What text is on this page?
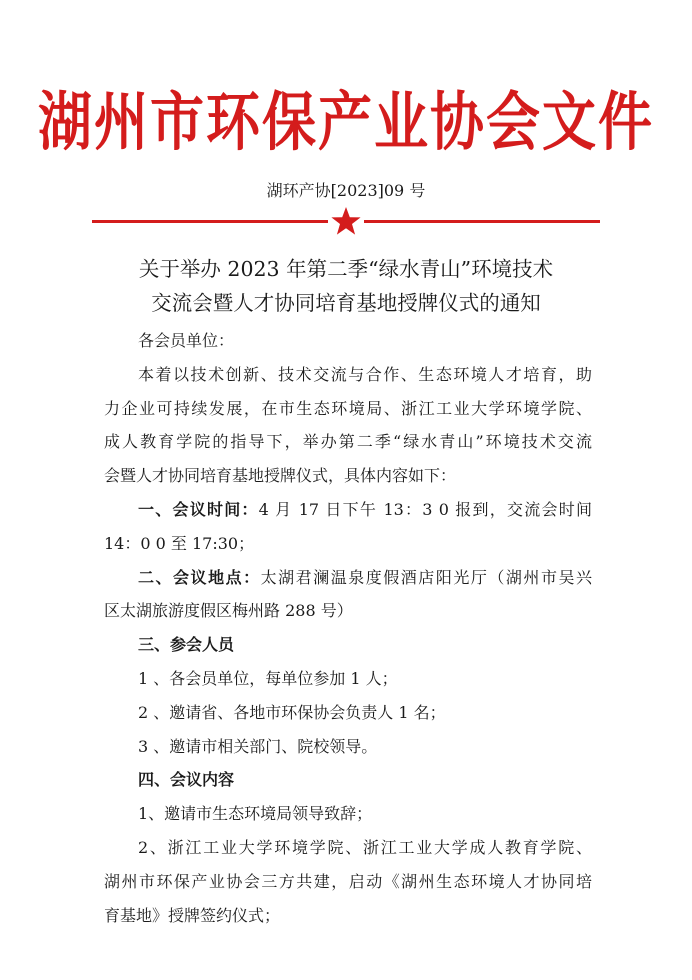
湖州市环保产业协会文件
湖环产协[2023]09 号
关于举办 2023 年第二季“绿水青山”环境技术
交流会暨人才协同培育基地授牌仪式的通知

各会员单位：

本着以技术创新、技术交流与合作、生态环境人才培育，助

力企业可持续发展，在市生态环境局、浙江工业大学环境学院、

成人教育学院的指导下，举办第二季“绿水青山”环境技术交流

会暨人才协同培育基地授牌仪式，具体内容如下：

一、会议时间：4 月 17 日下午 13：3 0 报到，交流会时间

14：0 0 至 17:30；

二、会议地点：太湖君澜温泉度假酒店阳光厅（湖州市吴兴

区太湖旅游度假区梅州路 288 号）

三、参会人员

1 、各会员单位，每单位参加 1 人；

2 、邀请省、各地市环保协会负责人 1 名；

3 、邀请市相关部门、院校领导。

四、会议内容

1、邀请市生态环境局领导致辞；

2、浙江工业大学环境学院、浙江工业大学成人教育学院、

湖州市环保产业协会三方共建，启动《湖州生态环境人才协同培

育基地》授牌签约仪式；
